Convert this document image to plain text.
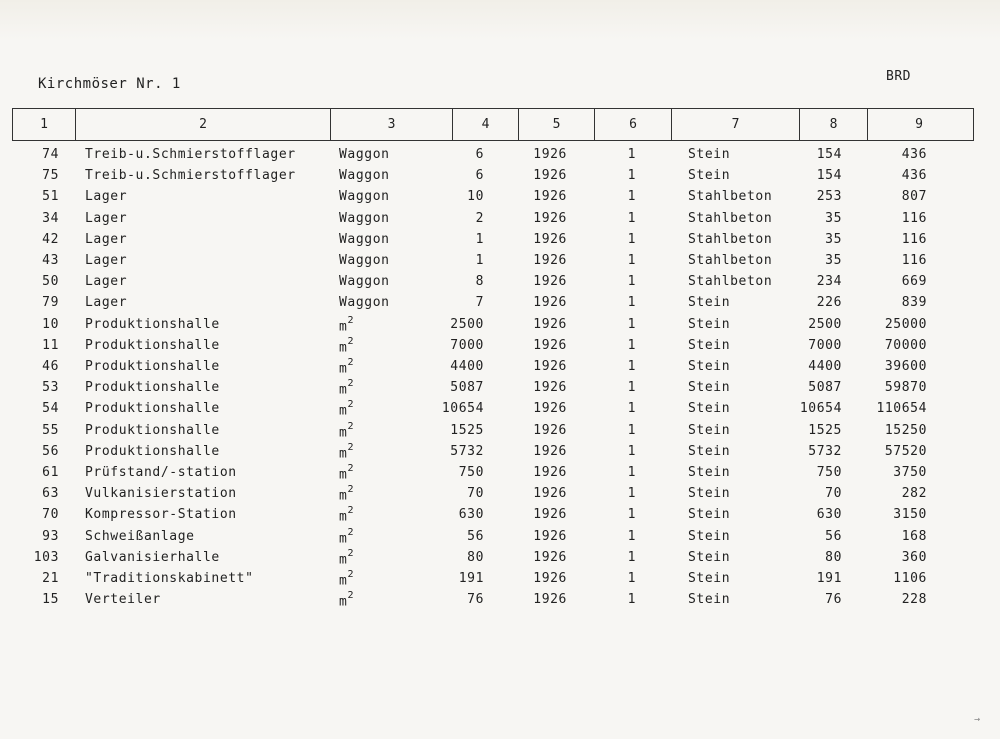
Kirchmöser Nr. 1	BRD
1	2	3	4	5	6	7	8	9
74 Treib-u.Schmierstofflager	Waggon	6	1926	1	Stein	154	436
75 Treib-u.Schmierstofflager	Waggon	6	1926	1	Stein	154	436
51 Lager	Waggon	10	1926	1	Stahlbeton	253	807
34 Lager	Waggon	2	1926	1	Stahlbeton	35	116
42 Lager	Waggon	1	1926	1	Stahlbeton	35	116
43 Lager	Waggon	1	1926	1	Stahlbeton	35	116
50 Lager	Waggon	8	1926	1	Stahlbeton	234	669
79 Lager	Waggon	7	1926	1	Stein	226	839
10 Produktionshalle	$m^2$	2500	1926	1	Stein	2500	25000
11 Produktionshalle	$m^2$	7000	1926	1	Stein	7000	70000
46 Produktionshalle	$m^2$	4400	1926	1	Stein	4400	39600
53 Produktionshalle	$m^2$	5087	1926	1	Stein	5087	59870
54 Produktionshalle	$m^2$	10654	1926	1	Stein	10654	110654
55 Produktionshalle	$m^2$	1525	1926	1	Stein	1525	15250
56 Produktionshalle	$m^2$	5732	1926	1	Stein	5732	57520
61 Prüfstand/-station	$m^2$	750	1926	1	Stein	750	3750
63 Vulkanisierstation	$m^2$	70	1926	1	Stein	70	282
70 Kompressor-Station	$m^2$	630	1926	1	Stein	630	3150
93 Schweißanlage	$m^2$	56	1926	1	Stein	56	168
103 Galvanisierhalle	$m^2$	80	1926	1	Stein	80	360
21 "Traditionskabinett"	$m^2$	191	1926	1	Stein	191	1106
15 Verteiler	$m^2$	76	1926	1	Stein	76	228
→
